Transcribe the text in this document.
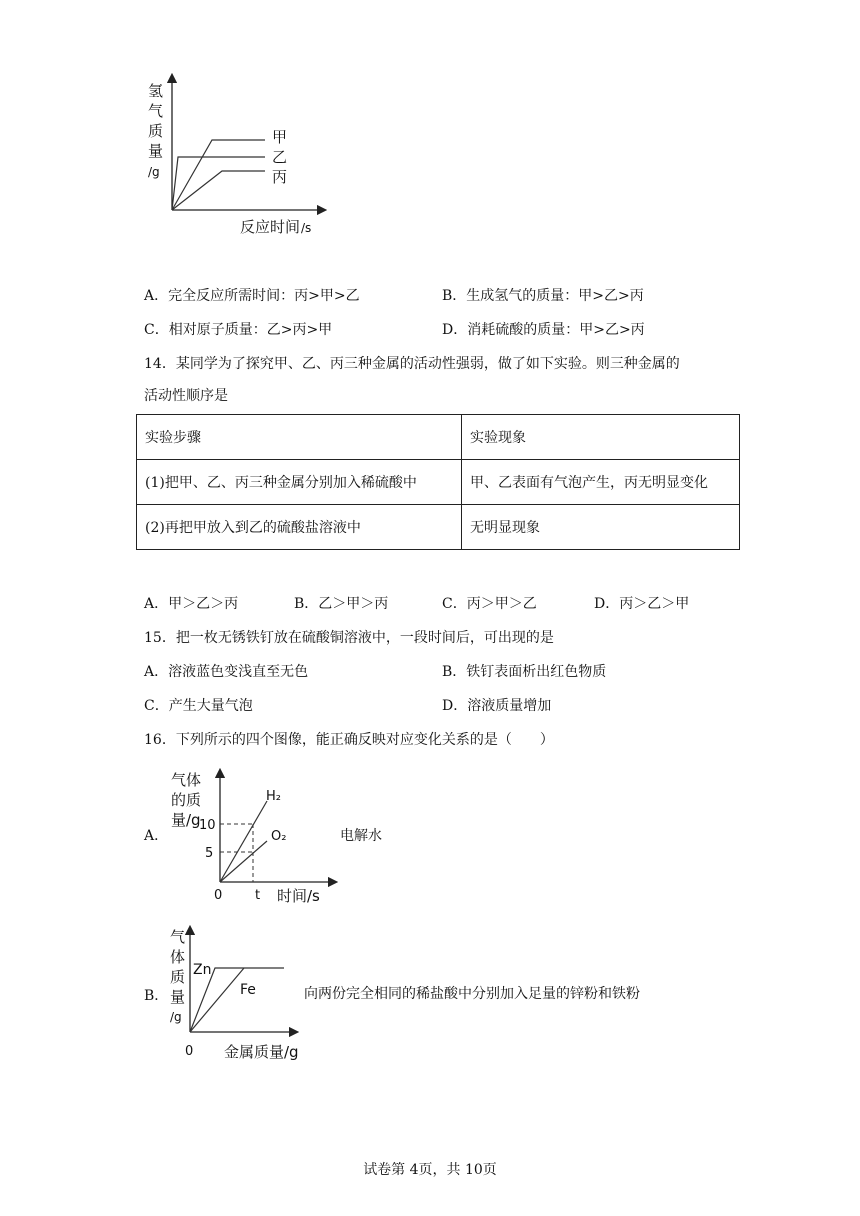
甲
乙
丙
氢
气
质
量
/g
反应时间 /s
A．完全反应所需时间：丙>甲>乙	B．生成氢气的质量：甲>乙>丙
C．相对原子质量：乙>丙>甲	D．消耗硫酸的质量：甲>乙>丙
14．某同学为了探究甲、乙、丙三种金属的活动性强弱，做了如下实验。则三种金属的
活动性顺序是
实验步骤	实验现象
(1)把甲、乙、丙三种金属分别加入稀硫酸中	甲、乙表面有气泡产生，丙无明显变化
(2)再把甲放入到乙的硫酸盐溶液中	无明显现象
A．甲＞乙＞丙	B．乙＞甲＞丙	C．丙＞甲＞乙	D．丙＞乙＞甲
15．把一枚无锈铁钉放在硫酸铜溶液中，一段时间后，可出现的是
A．溶液蓝色变浅直至无色	B．铁钉表面析出红色物质
C．产生大量气泡	D．溶液质量增加
16．下列所示的四个图像，能正确反映对应变化关系的是（　　）
A．
气体
的质
量/g
10
5
0	t 时间/s
H₂
O₂	电解水
B．
Zn
Fe
气
体
质
量
/g
0 金属质量/g
向两份完全相同的稀盐酸中分别加入足量的锌粉和铁粉
试卷第 4页，共 10页
